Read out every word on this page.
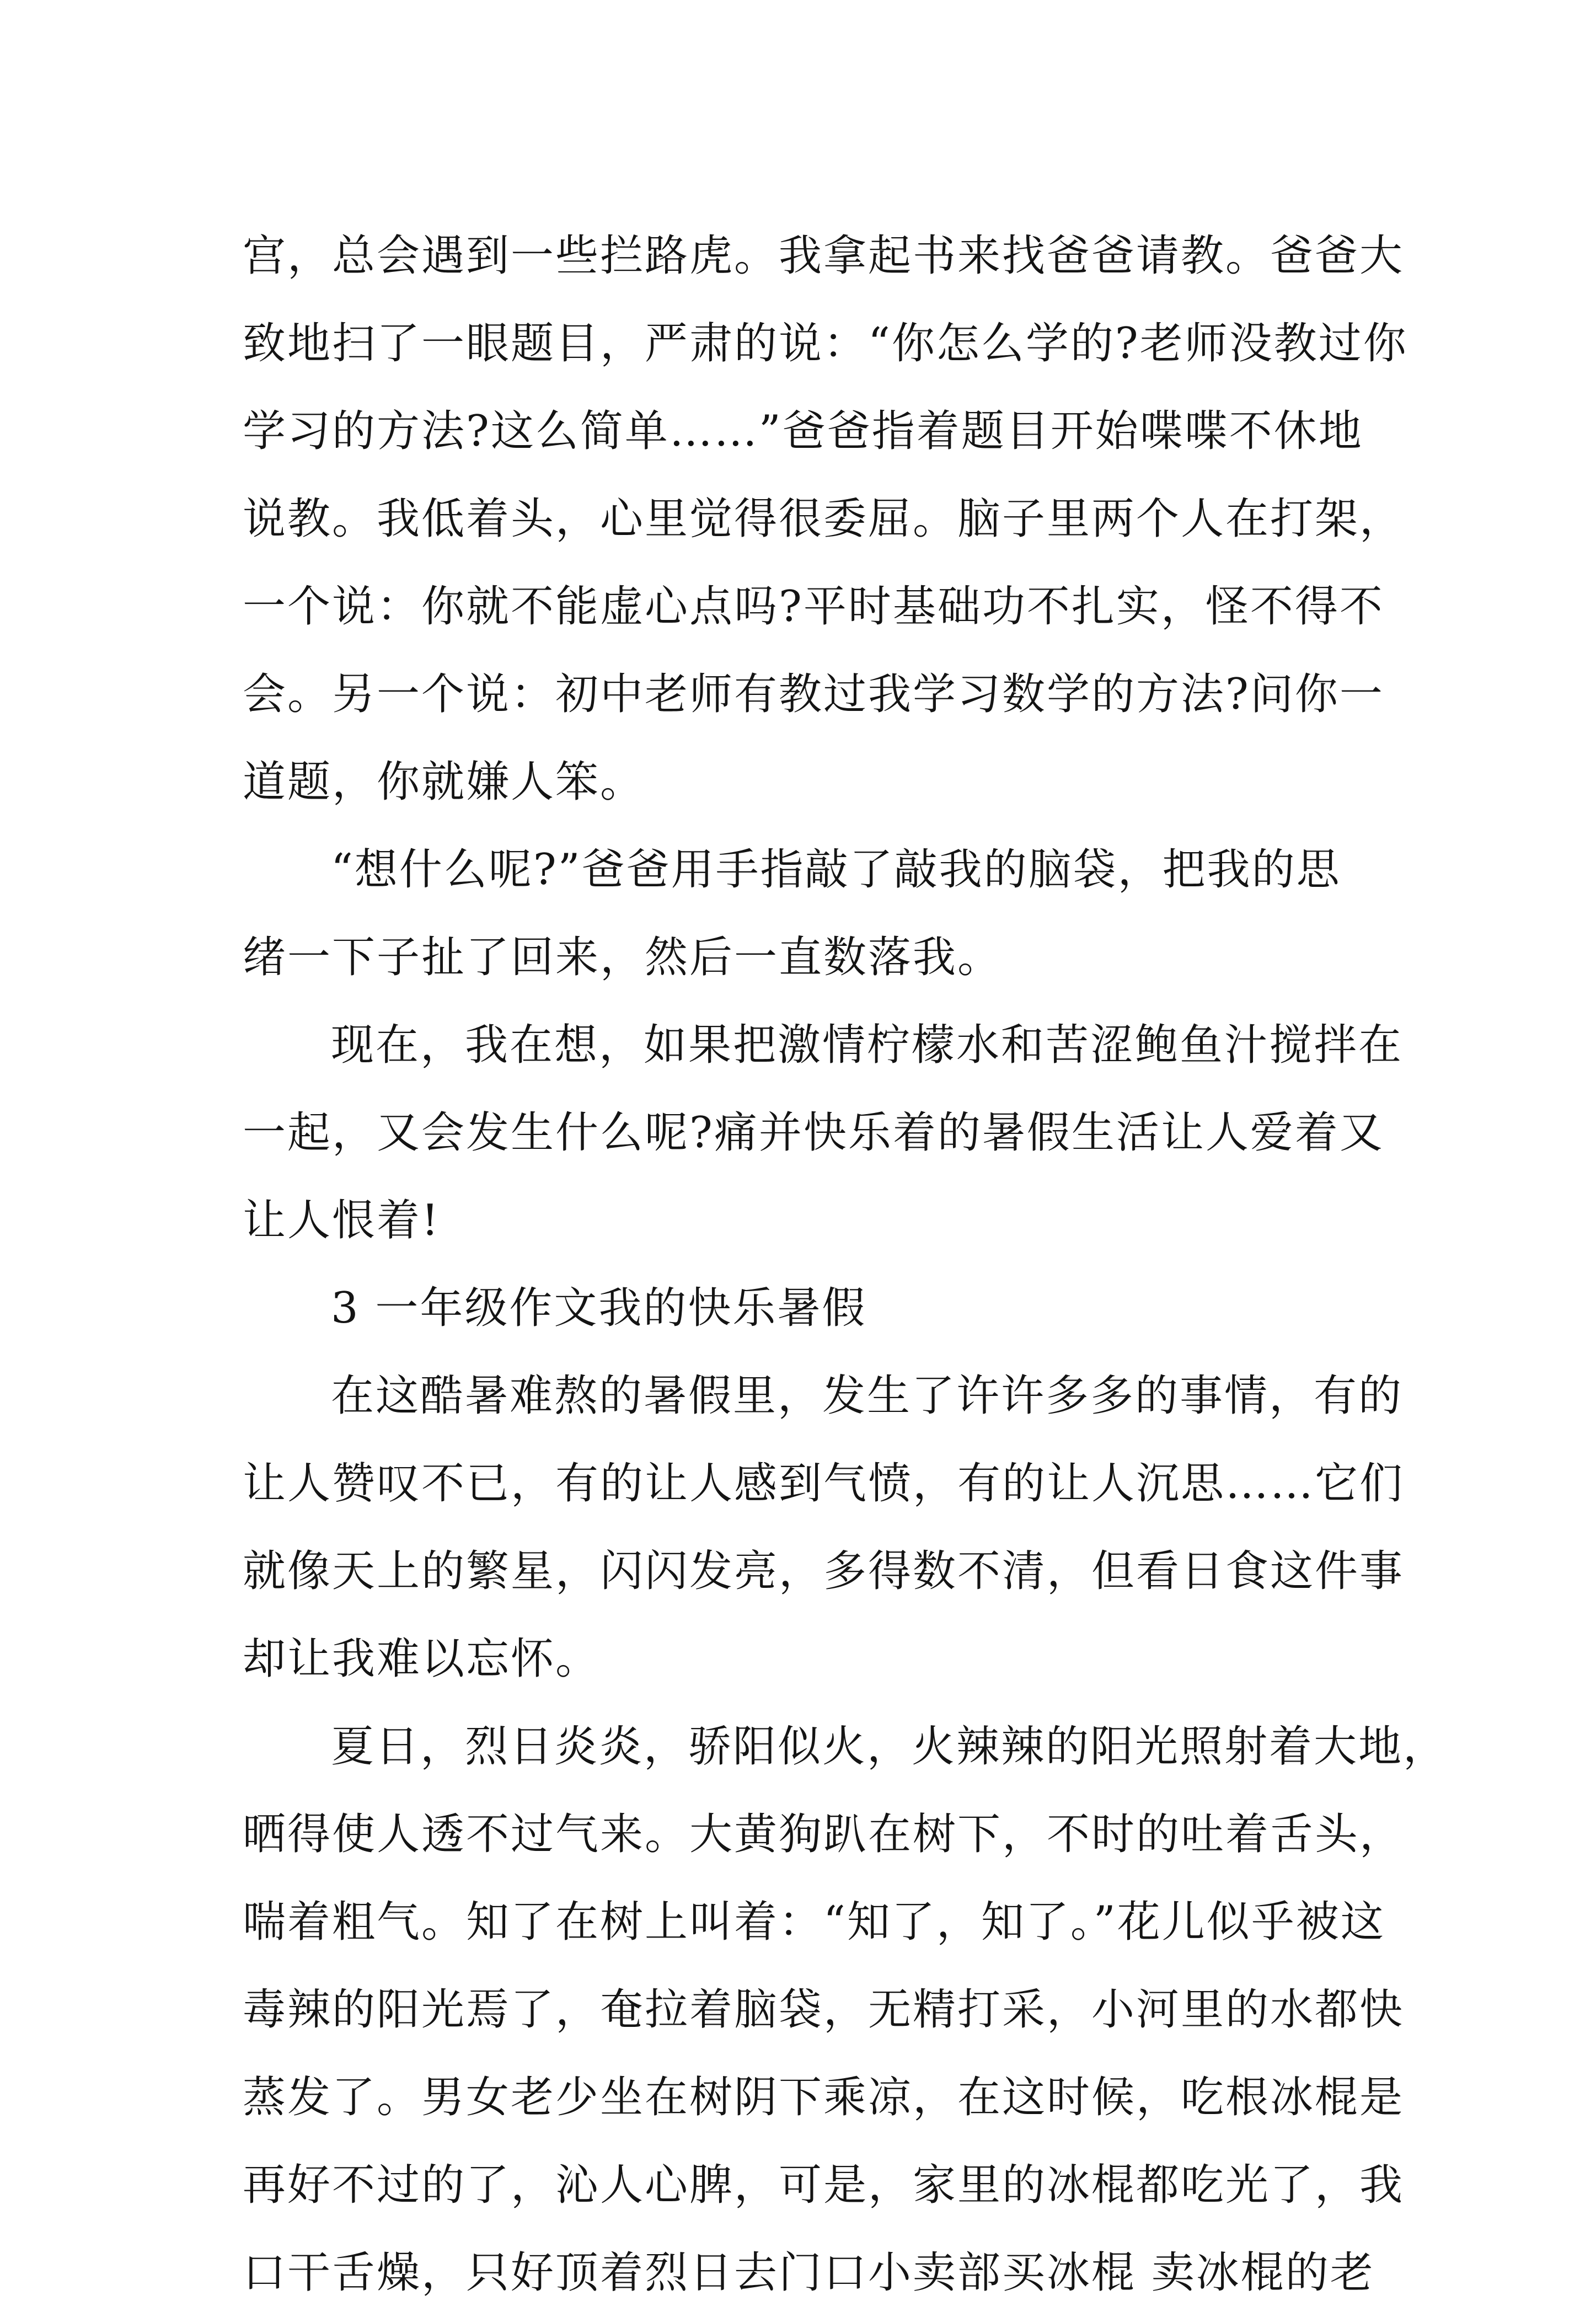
宫，总会遇到一些拦路虎。我拿起书来找爸爸请教。爸爸大
致地扫了一眼题目，严肃的说：“你怎么学的?老师没教过你
学习的方法?这么简单……”爸爸指着题目开始喋喋不休地
说教。我低着头，心里觉得很委屈。脑子里两个人在打架，
一个说：你就不能虚心点吗?平时基础功不扎实，怪不得不
会。另一个说：初中老师有教过我学习数学的方法?问你一
道题，你就嫌人笨。
“想什么呢?”爸爸用手指敲了敲我的脑袋，把我的思
绪一下子扯了回来，然后一直数落我。
现在，我在想，如果把激情柠檬水和苦涩鲍鱼汁搅拌在
一起，又会发生什么呢?痛并快乐着的暑假生活让人爱着又
让人恨着!
3 一年级作文我的快乐暑假
在这酷暑难熬的暑假里，发生了许许多多的事情，有的
让人赞叹不已，有的让人感到气愤，有的让人沉思……它们
就像天上的繁星，闪闪发亮，多得数不清，但看日食这件事
却让我难以忘怀。
夏日，烈日炎炎，骄阳似火，火辣辣的阳光照射着大地，
晒得使人透不过气来。大黄狗趴在树下，不时的吐着舌头，
喘着粗气。知了在树上叫着：“知了，知了。”花儿似乎被这
毒辣的阳光焉了，奄拉着脑袋，无精打采，小河里的水都快
蒸发了。男女老少坐在树阴下乘凉，在这时候，吃根冰棍是
再好不过的了，沁人心脾，可是，家里的冰棍都吃光了，我
口干舌燥，只好顶着烈日去门口小卖部买冰棍 卖冰棍的老
